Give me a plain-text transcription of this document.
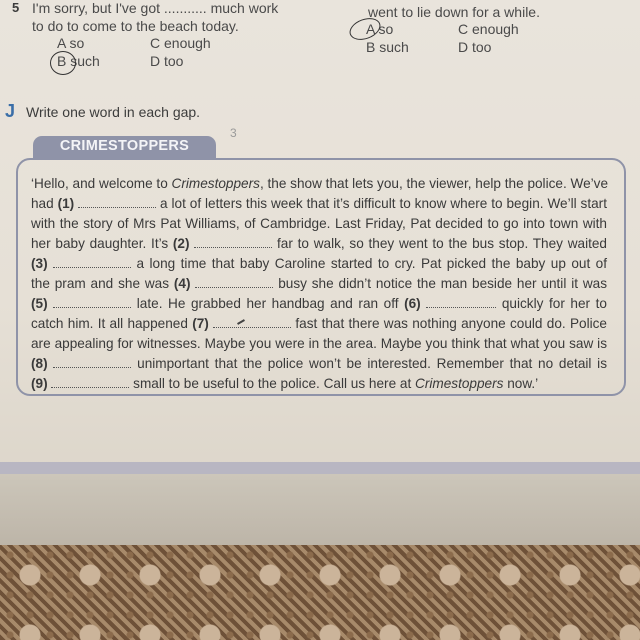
5 I'm sorry, but I've got ........... much work
to do to come to the beach today.
A so	C enough
B such	D too
went to lie down for a while.
A so	C enough
B such	D too
J Write one word in each gap.
3
CRIMESTOPPERS
‘Hello, and welcome to Crimestoppers, the show that lets you, the viewer, help the police. We’ve
had (1)	a lot of letters this week that it’s difficult to know where to begin. We’ll start
with the story of Mrs Pat Williams, of Cambridge. Last Friday, Pat decided to go into town with
her baby daughter. It’s (2)	far to walk, so they went to the bus stop. They waited
(3)	a long time that baby Caroline started to cry. Pat picked the baby up out of
the pram and she was (4)	busy she didn’t notice the man beside her until it was
(5)	late. He grabbed her handbag and ran off (6)	quickly for her to
catch him. It all happened (7)	fast that there was nothing anyone could do. Police
are appealing for witnesses. Maybe you were in the area. Maybe you think that what you saw is
(8)	unimportant that the police won’t be interested. Remember that no detail is
(9)	small to be useful to the police. Call us here at Crimestoppers now.’
